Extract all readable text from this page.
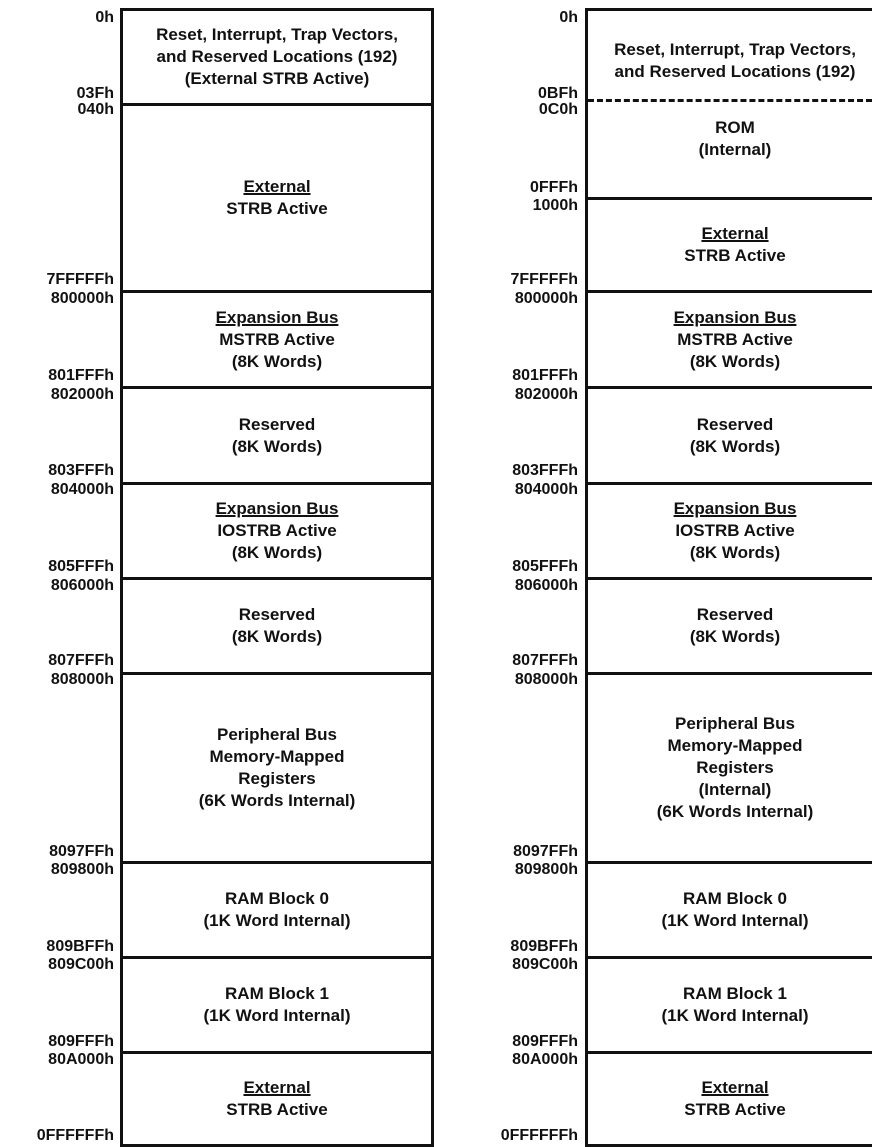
0h
03Fh
040h
7FFFFFh
800000h
801FFFh
802000h
803FFFh
804000h
805FFFh
806000h
807FFFh
808000h
8097FFh
809800h
809BFFh
809C00h
809FFFh
80A000h
0FFFFFFh
Reset, Interrupt, Trap Vectors,
and Reserved Locations (192)
(External STRB Active)
External
STRB Active
Expansion Bus
MSTRB Active
(8K Words)
Reserved
(8K Words)
Expansion Bus
IOSTRB Active
(8K Words)
Reserved
(8K Words)
Peripheral Bus
Memory-Mapped
Registers
(6K Words Internal)
RAM Block 0
(1K Word Internal)
RAM Block 1
(1K Word Internal)
External
STRB Active
0h
0BFh
0C0h
0FFFh
1000h
7FFFFFh
800000h
801FFFh
802000h
803FFFh
804000h
805FFFh
806000h
807FFFh
808000h
8097FFh
809800h
809BFFh
809C00h
809FFFh
80A000h
0FFFFFFh
Reset, Interrupt, Trap Vectors,
and Reserved Locations (192)
ROM
(Internal)
External
STRB Active
Expansion Bus
MSTRB Active
(8K Words)
Reserved
(8K Words)
Expansion Bus
IOSTRB Active
(8K Words)
Reserved
(8K Words)
Peripheral Bus
Memory-Mapped
Registers
(Internal)
(6K Words Internal)
RAM Block 0
(1K Word Internal)
RAM Block 1
(1K Word Internal)
External
STRB Active
